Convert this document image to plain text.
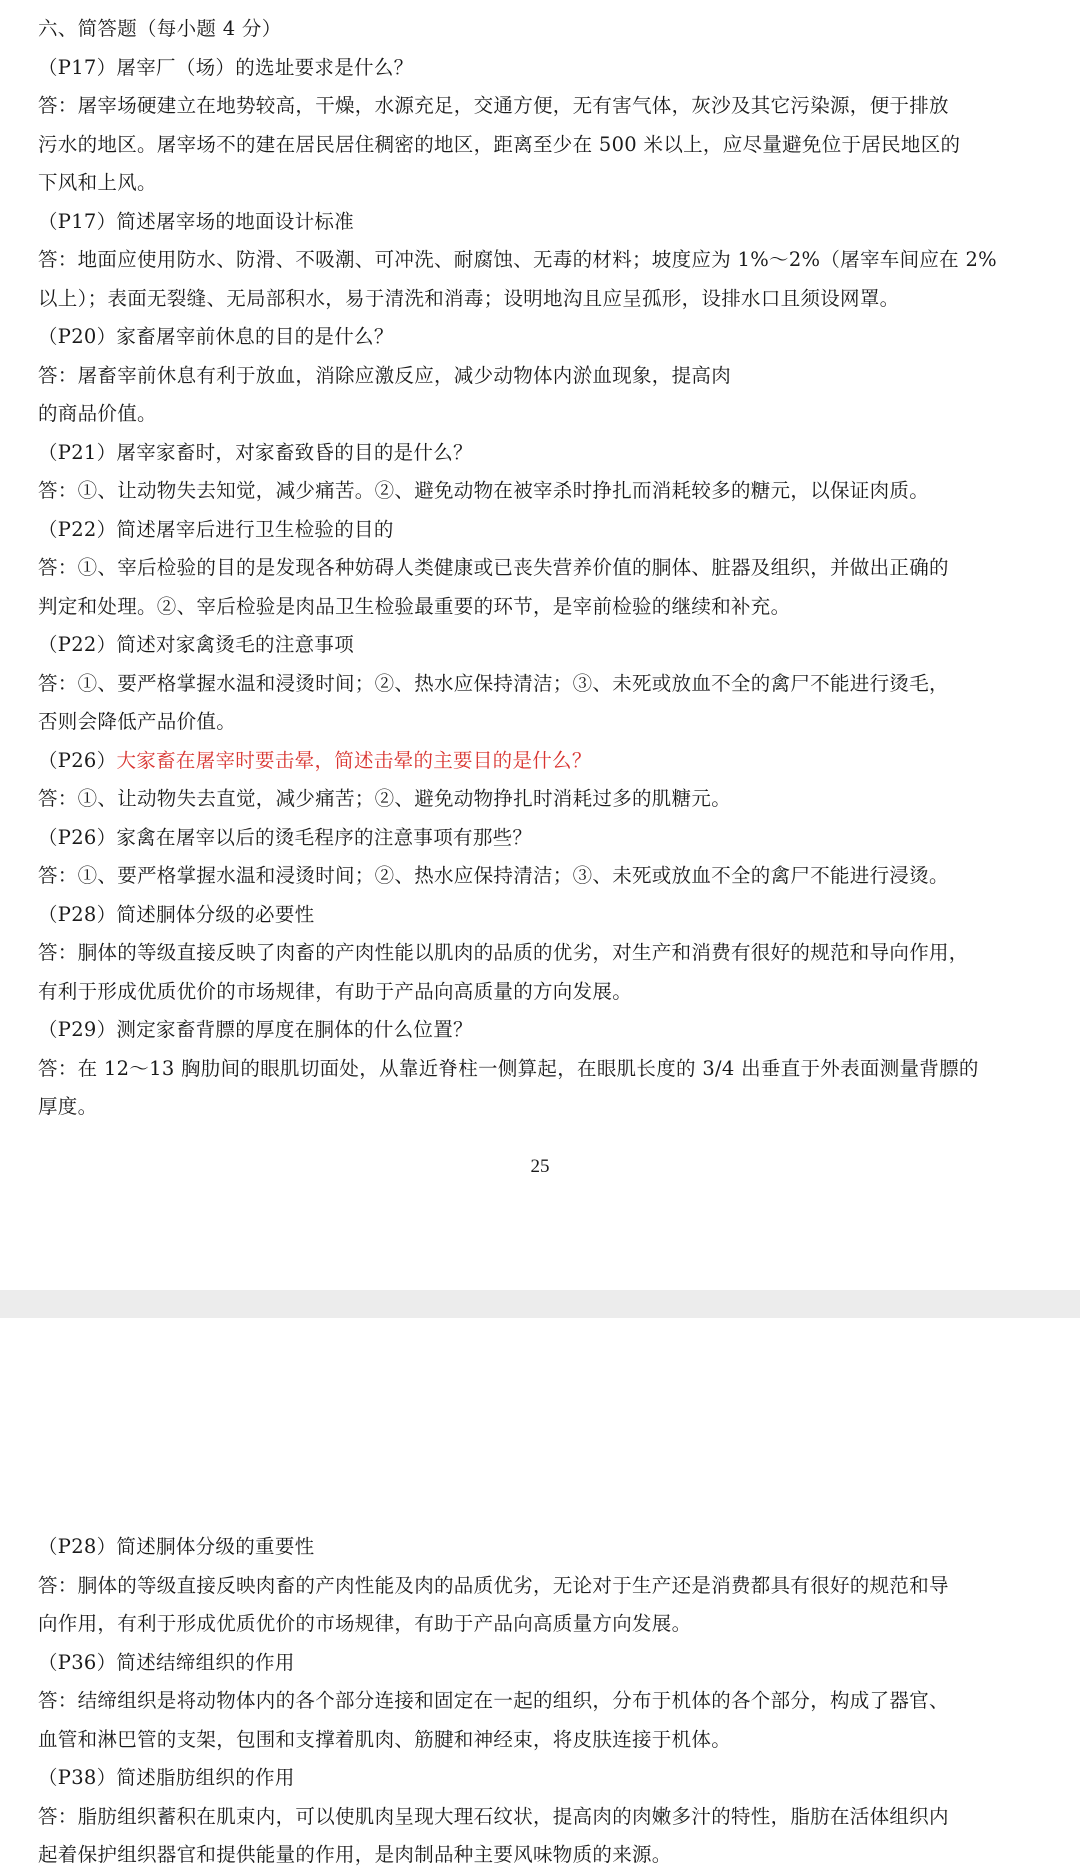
六、简答题（每小题 4 分）

（P17）屠宰厂（场）的选址要求是什么？

答：屠宰场硬建立在地势较高，干燥，水源充足，交通方便，无有害气体，灰沙及其它污染源，便于排放

污水的地区。屠宰场不的建在居民居住稠密的地区，距离至少在 500 米以上，应尽量避免位于居民地区的

下风和上风。

（P17）简述屠宰场的地面设计标准

答：地面应使用防水、防滑、不吸潮、可冲洗、耐腐蚀、无毒的材料；坡度应为 1%～2%（屠宰车间应在 2%

以上）；表面无裂缝、无局部积水，易于清洗和消毒；设明地沟且应呈孤形，设排水口且须设网罩。

（P20）家畜屠宰前休息的目的是什么？

答：屠畜宰前休息有利于放血，消除应激反应，减少动物体内淤血现象，提高肉

的商品价值。

（P21）屠宰家畜时，对家畜致昏的目的是什么？

答：①、让动物失去知觉，减少痛苦。②、避免动物在被宰杀时挣扎而消耗较多的糖元，以保证肉质。

（P22）简述屠宰后进行卫生检验的目的

答：①、宰后检验的目的是发现各种妨碍人类健康或已丧失营养价值的胴体、脏器及组织，并做出正确的

判定和处理。②、宰后检验是肉品卫生检验最重要的环节，是宰前检验的继续和补充。

（P22）简述对家禽烫毛的注意事项

答：①、要严格掌握水温和浸烫时间；②、热水应保持清洁；③、未死或放血不全的禽尸不能进行烫毛，

否则会降低产品价值。

（P26）大家畜在屠宰时要击晕，简述击晕的主要目的是什么？

答：①、让动物失去直觉，减少痛苦；②、避免动物挣扎时消耗过多的肌糖元。

（P26）家禽在屠宰以后的烫毛程序的注意事项有那些？

答：①、要严格掌握水温和浸烫时间；②、热水应保持清洁；③、未死或放血不全的禽尸不能进行浸烫。

（P28）简述胴体分级的必要性

答：胴体的等级直接反映了肉畜的产肉性能以肌肉的品质的优劣，对生产和消费有很好的规范和导向作用，

有利于形成优质优价的市场规律，有助于产品向高质量的方向发展。

（P29）测定家畜背膘的厚度在胴体的什么位置？

答：在 12～13 胸肋间的眼肌切面处，从靠近脊柱一侧算起，在眼肌长度的 3/4 出垂直于外表面测量背膘的

厚度。

25

（P28）简述胴体分级的重要性

答：胴体的等级直接反映肉畜的产肉性能及肉的品质优劣，无论对于生产还是消费都具有很好的规范和导

向作用，有利于形成优质优价的市场规律，有助于产品向高质量方向发展。

（P36）简述结缔组织的作用

答：结缔组织是将动物体内的各个部分连接和固定在一起的组织，分布于机体的各个部分，构成了器官、

血管和淋巴管的支架，包围和支撑着肌肉、筋腱和神经束，将皮肤连接于机体。

（P38）简述脂肪组织的作用

答：脂肪组织蓄积在肌束内，可以使肌肉呈现大理石纹状，提高肉的肉嫩多汁的特性，脂肪在活体组织内

起着保护组织器官和提供能量的作用，是肉制品种主要风味物质的来源。
